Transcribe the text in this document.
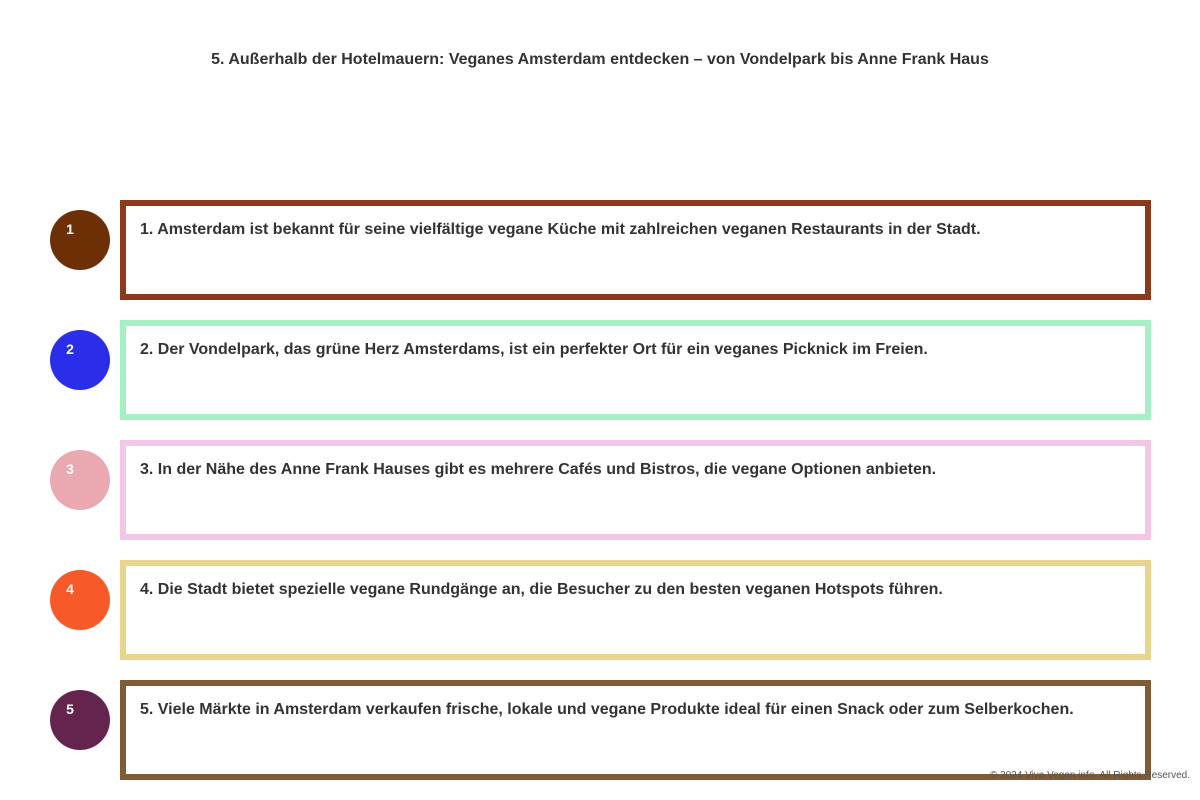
5. Außerhalb der Hotelmauern: Veganes Amsterdam entdecken – von Vondelpark bis Anne Frank Haus
1	1. Amsterdam ist bekannt für seine vielfältige vegane Küche mit zahlreichen veganen Restaurants in der Stadt.
2	2. Der Vondelpark, das grüne Herz Amsterdams, ist ein perfekter Ort für ein veganes Picknick im Freien.
3	3. In der Nähe des Anne Frank Hauses gibt es mehrere Cafés und Bistros, die vegane Optionen anbieten.
4	4. Die Stadt bietet spezielle vegane Rundgänge an, die Besucher zu den besten veganen Hotspots führen.
5	5. Viele Märkte in Amsterdam verkaufen frische, lokale und vegane Produkte ideal für einen Snack oder zum Selberkochen.
© 2024 Viva Vegan info. All Rights Reserved.
